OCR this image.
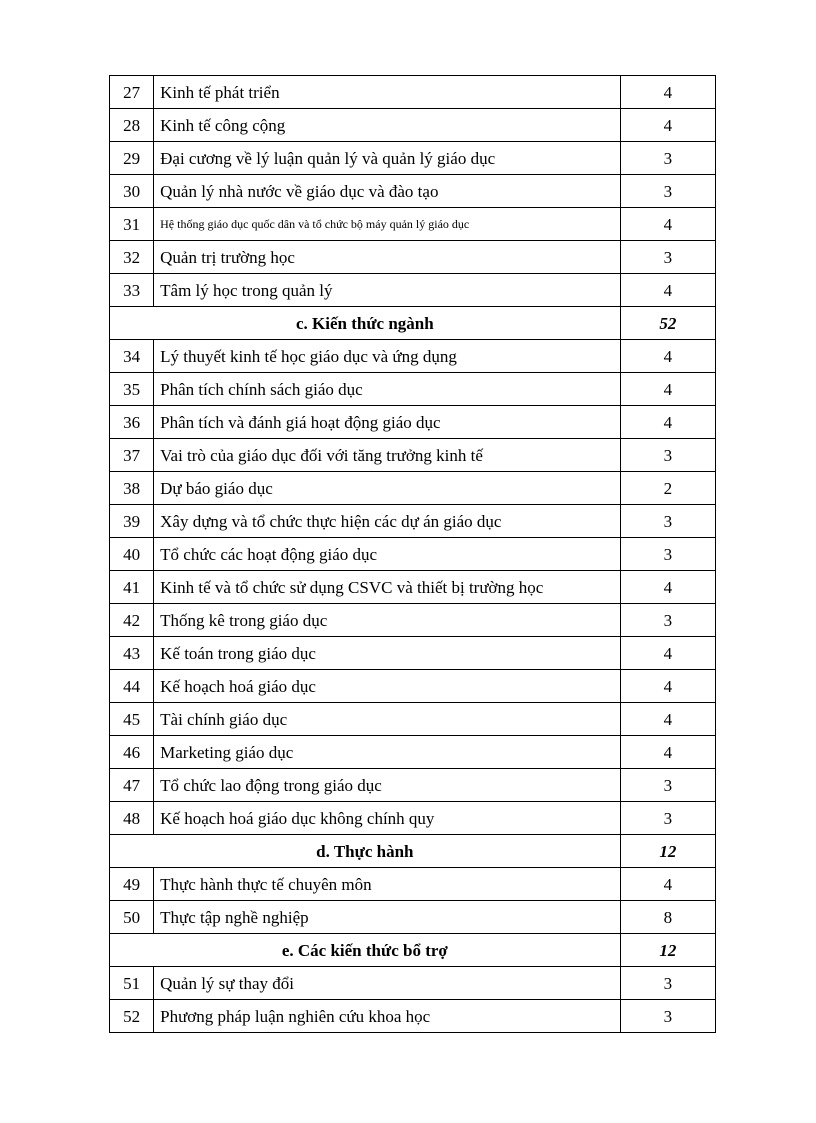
27	Kinh tế phát triển	4
28	Kinh tế công cộng	4
29	Đại cương về lý luận quản lý và quản lý giáo dục	3
30	Quản lý nhà nước về giáo dục và đào tạo	3
31	Hệ thống giáo dục quốc dân và tổ chức bộ máy quản lý giáo dục	4
32	Quản trị trường học	3
33	Tâm lý học trong quản lý	4
c. Kiến thức ngành		52
34	Lý thuyết kinh tế học giáo dục và ứng dụng	4
35	Phân tích chính sách giáo dục	4
36	Phân tích và đánh giá hoạt động giáo dục	4
37	Vai trò của giáo dục đối với tăng trưởng kinh tế	3
38	Dự báo giáo dục	2
39	Xây dựng và tổ chức thực hiện các dự án giáo dục	3
40	Tổ chức các hoạt động giáo dục	3
41	Kinh tế và tổ chức sử dụng CSVC và thiết bị trường học	4
42	Thống kê trong giáo dục	3
43	Kế toán trong giáo dục	4
44	Kế hoạch hoá giáo dục	4
45	Tài chính giáo dục	4
46	Marketing giáo dục	4
47	Tổ chức lao động trong giáo dục	3
48	Kế hoạch hoá giáo dục không chính quy	3
d. Thực hành		12
49	Thực hành thực tế chuyên môn	4
50	Thực tập nghề nghiệp	8
e. Các kiến thức bổ trợ		12
51	Quản lý sự thay đổi	3
52	Phương pháp luận nghiên cứu khoa học	3
